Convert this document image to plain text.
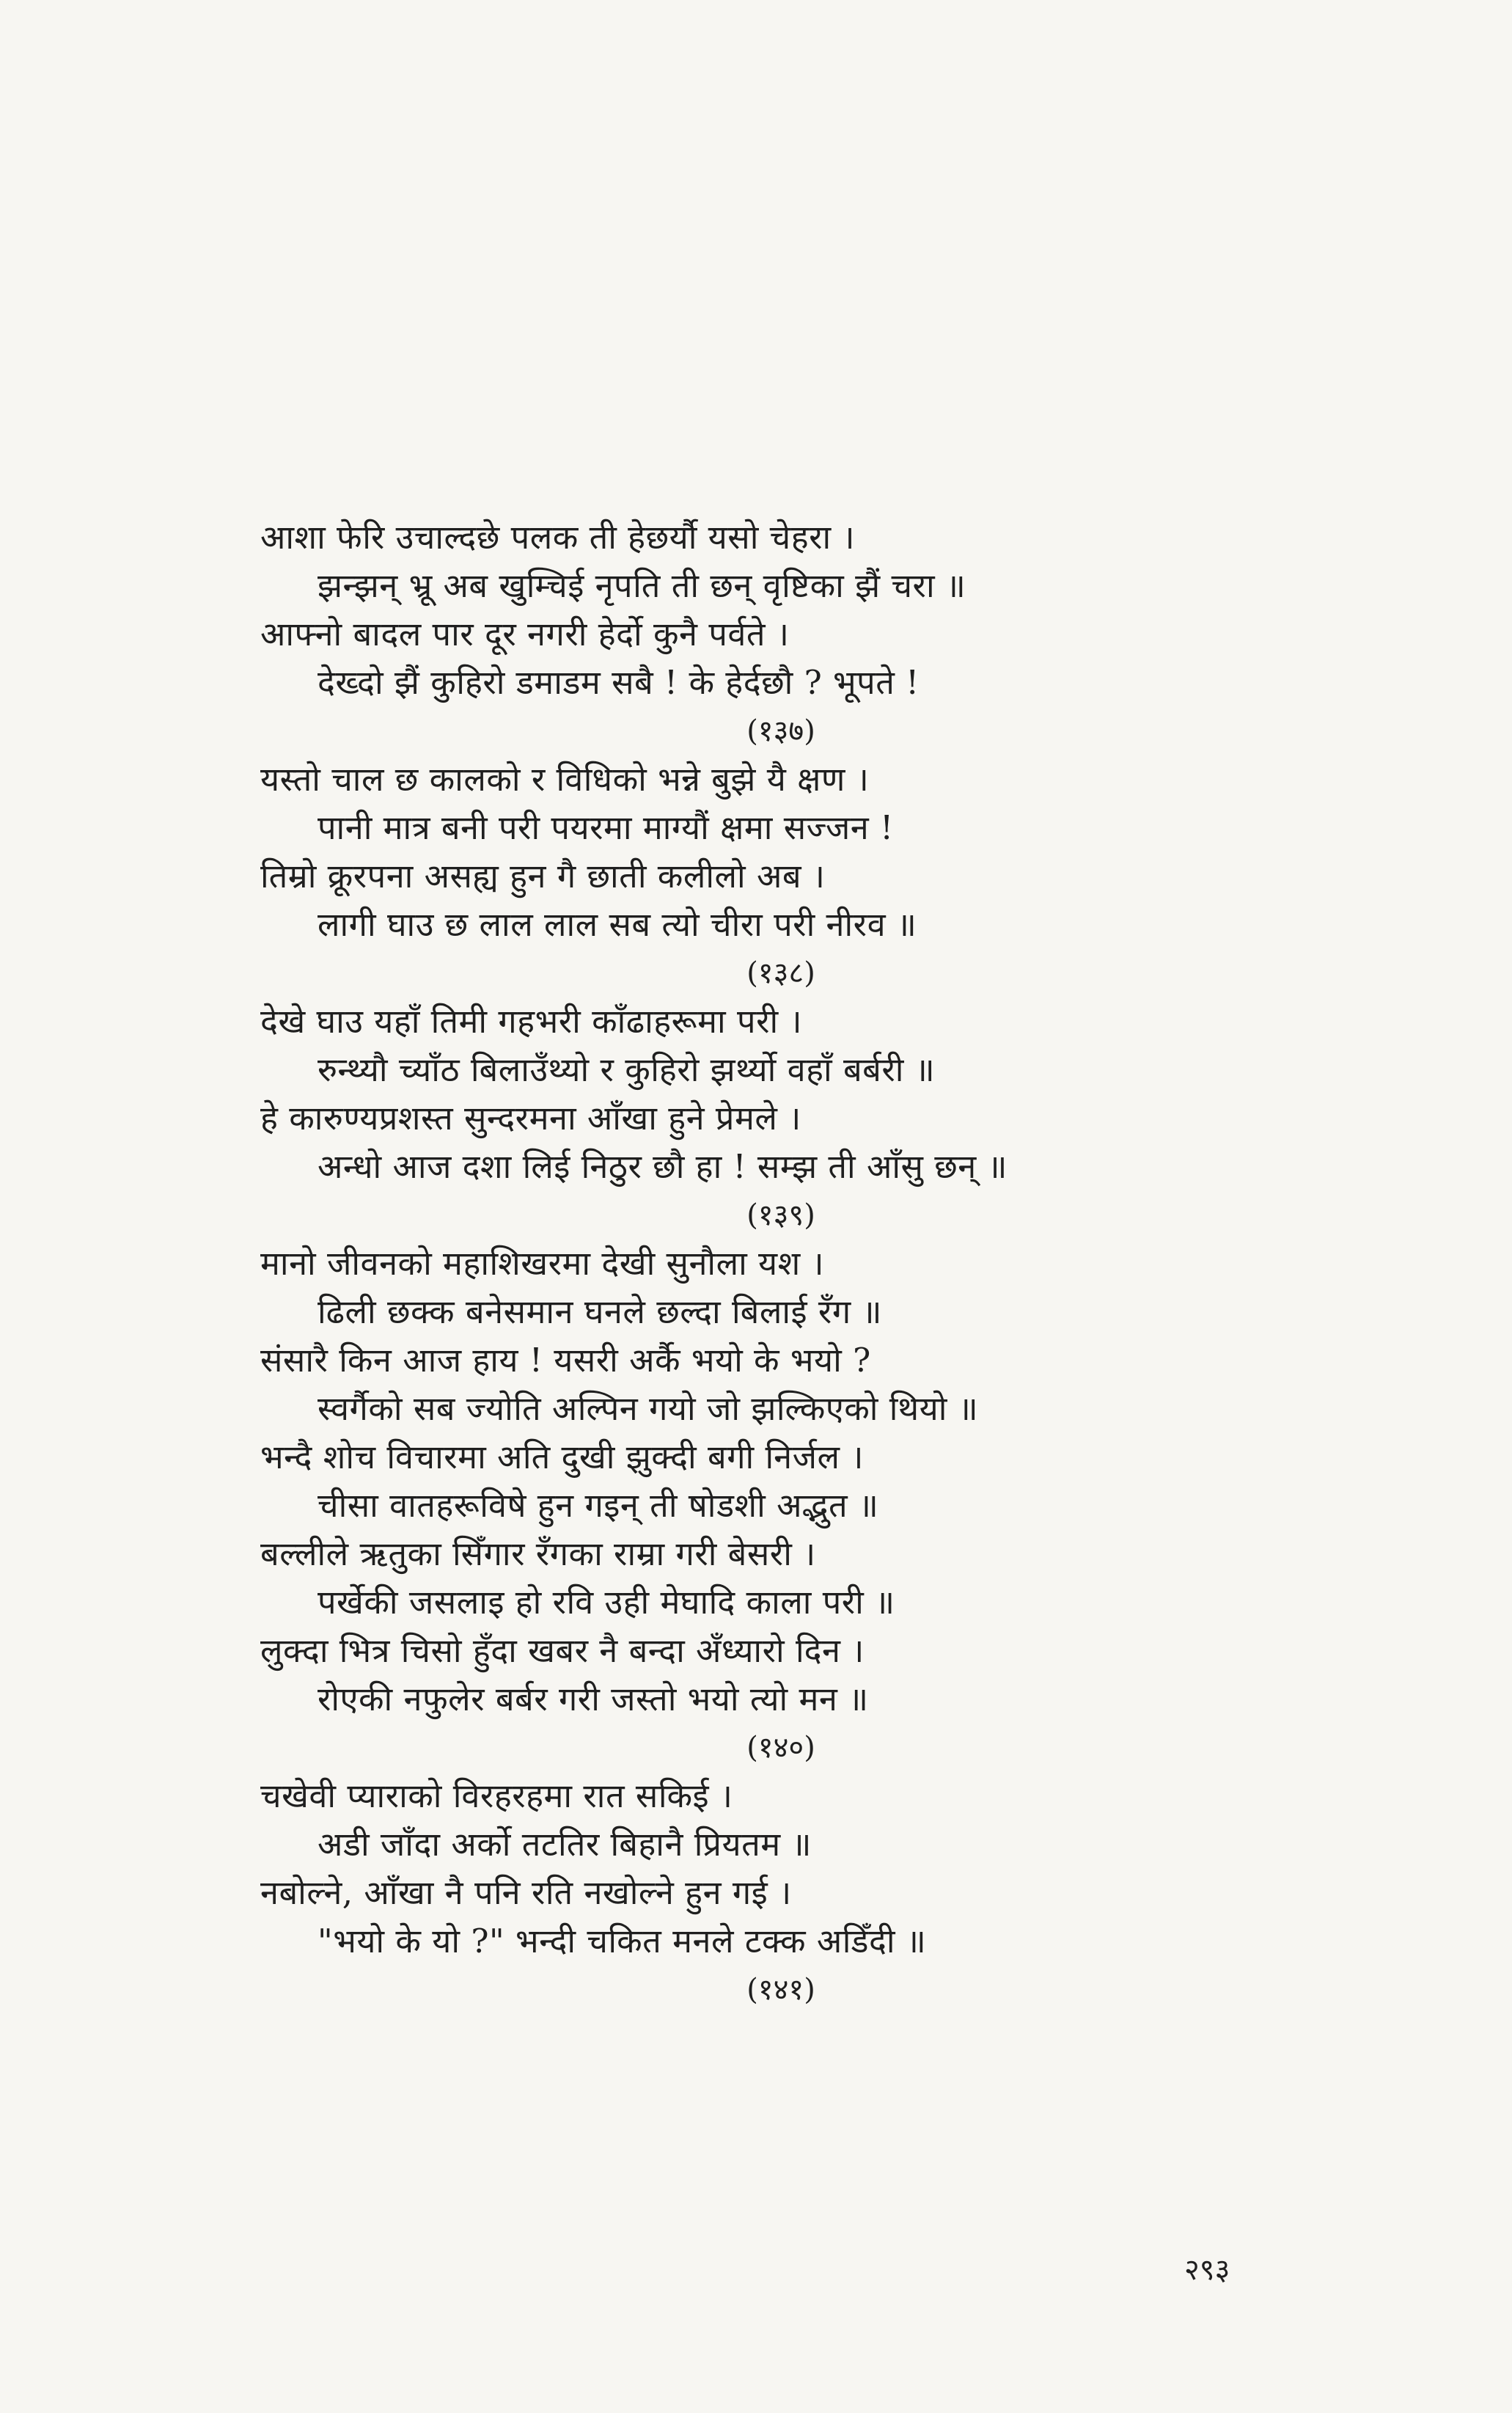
आशा फेरि उचाल्दछे पलक ती हेछर्यौ यसो चेहरा ।
झन्झन् भ्रू अब खुम्चिई नृपति ती छन् वृष्टिका झैं चरा ॥
आफ्नो बादल पार दूर नगरी हेर्दो कुनै पर्वते ।
देख्दो झैं कुहिरो डमाडम सबै ! के हेर्दछौ ? भूपते !
(१३७)
यस्तो चाल छ कालको र विधिको भन्ने बुझे यै क्षण ।
पानी मात्र बनी परी पयरमा माग्यौं क्षमा सज्जन !
तिम्रो क्रूरपना असह्य हुन गै छाती कलीलो अब ।
लागी घाउ छ लाल लाल सब त्यो चीरा परी नीरव ॥
(१३८)
देखे घाउ यहाँ तिमी गहभरी काँढाहरूमा परी ।
रुन्थ्यौ च्याँठ बिलाउँथ्यो र कुहिरो झर्थ्यो वहाँ बर्बरी ॥
हे कारुण्यप्रशस्त सुन्दरमना आँखा हुने प्रेमले ।
अन्धो आज दशा लिई निठुर छौ हा ! सम्झ ती आँसु छन् ॥
(१३९)
मानो जीवनको महाशिखरमा देखी सुनौला यश ।
ढिली छक्क बनेसमान घनले छल्दा बिलाई रँग ॥
संसारै किन आज हाय ! यसरी अर्कै भयो के भयो ?
स्वर्गैको सब ज्योति अल्पिन गयो जो झल्किएको थियो ॥
भन्दै शोच विचारमा अति दुखी झुक्दी बगी निर्जल ।
चीसा वातहरूविषे हुन गइन् ती षोडशी अद्भुत ॥
बल्लीले ऋतुका सिँगार रँगका राम्रा गरी बेसरी ।
पर्खेकी जसलाइ हो रवि उही मेघादि काला परी ॥
लुक्दा भित्र चिसो हुँदा खबर नै बन्दा अँध्यारो दिन ।
रोएकी नफुलेर बर्बर गरी जस्तो भयो त्यो मन ॥
(१४०)
चखेवी प्याराको विरहरहमा रात सकिई ।
अडी जाँदा अर्को तटतिर बिहानै प्रियतम ॥
नबोल्ने, आँखा नै पनि रति नखोल्ने हुन गई ।
"भयो के यो ?" भन्दी चकित मनले टक्क अडिँदी ॥
(१४१)
२९३
